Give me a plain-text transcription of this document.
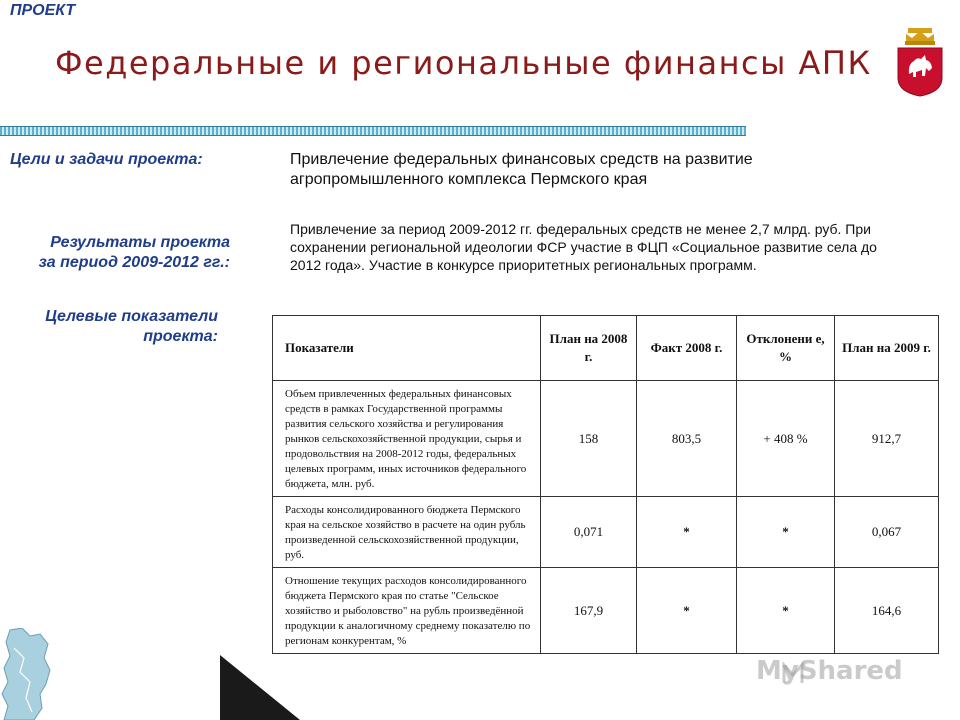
ПРОЕКТ
Федеральные и региональные финансы АПК
Цели и задачи проекта:	Привлечение федеральных финансовых средств на развитие агропромышленного комплекса Пермского края
Результаты проекта
за период 2009-2012 гг.:
Привлечение за период 2009-2012 гг. федеральных средств не менее 2,7 млрд. руб. При сохранении региональной идеологии ФСР участие в ФЦП «Социальное развитие села до 2012 года». Участие в конкурсе приоритетных региональных программ.
Целевые показатели
проекта:
Показатели	План на 2008 г.	Факт 2008 г.	Отклонени е, %	План на 2009 г.
Объем привлеченных федеральных финансовых средств в рамках Государственной программы развития сельского хозяйства и регулирования рынков сельскохозяйственной продукции, сырья и продовольствия на 2008-2012 годы, федеральных целевых программ, иных источников федерального бюджета, млн. руб.	158	803,5	+ 408 %	912,7
Расходы консолидированного бюджета Пермского края на сельское хозяйство в расчете на один рубль произведенной сельскохозяйственной продукции, руб.	0,071	*	*	0,067
Отношение текущих расходов консолидированного бюджета Пермского края по статье "Сельское хозяйство и рыболовство" на рубль произведённой продукции к аналогичному среднему показателю по регионам конкурентам, %	167,9	*	*	164,6
MyShared
